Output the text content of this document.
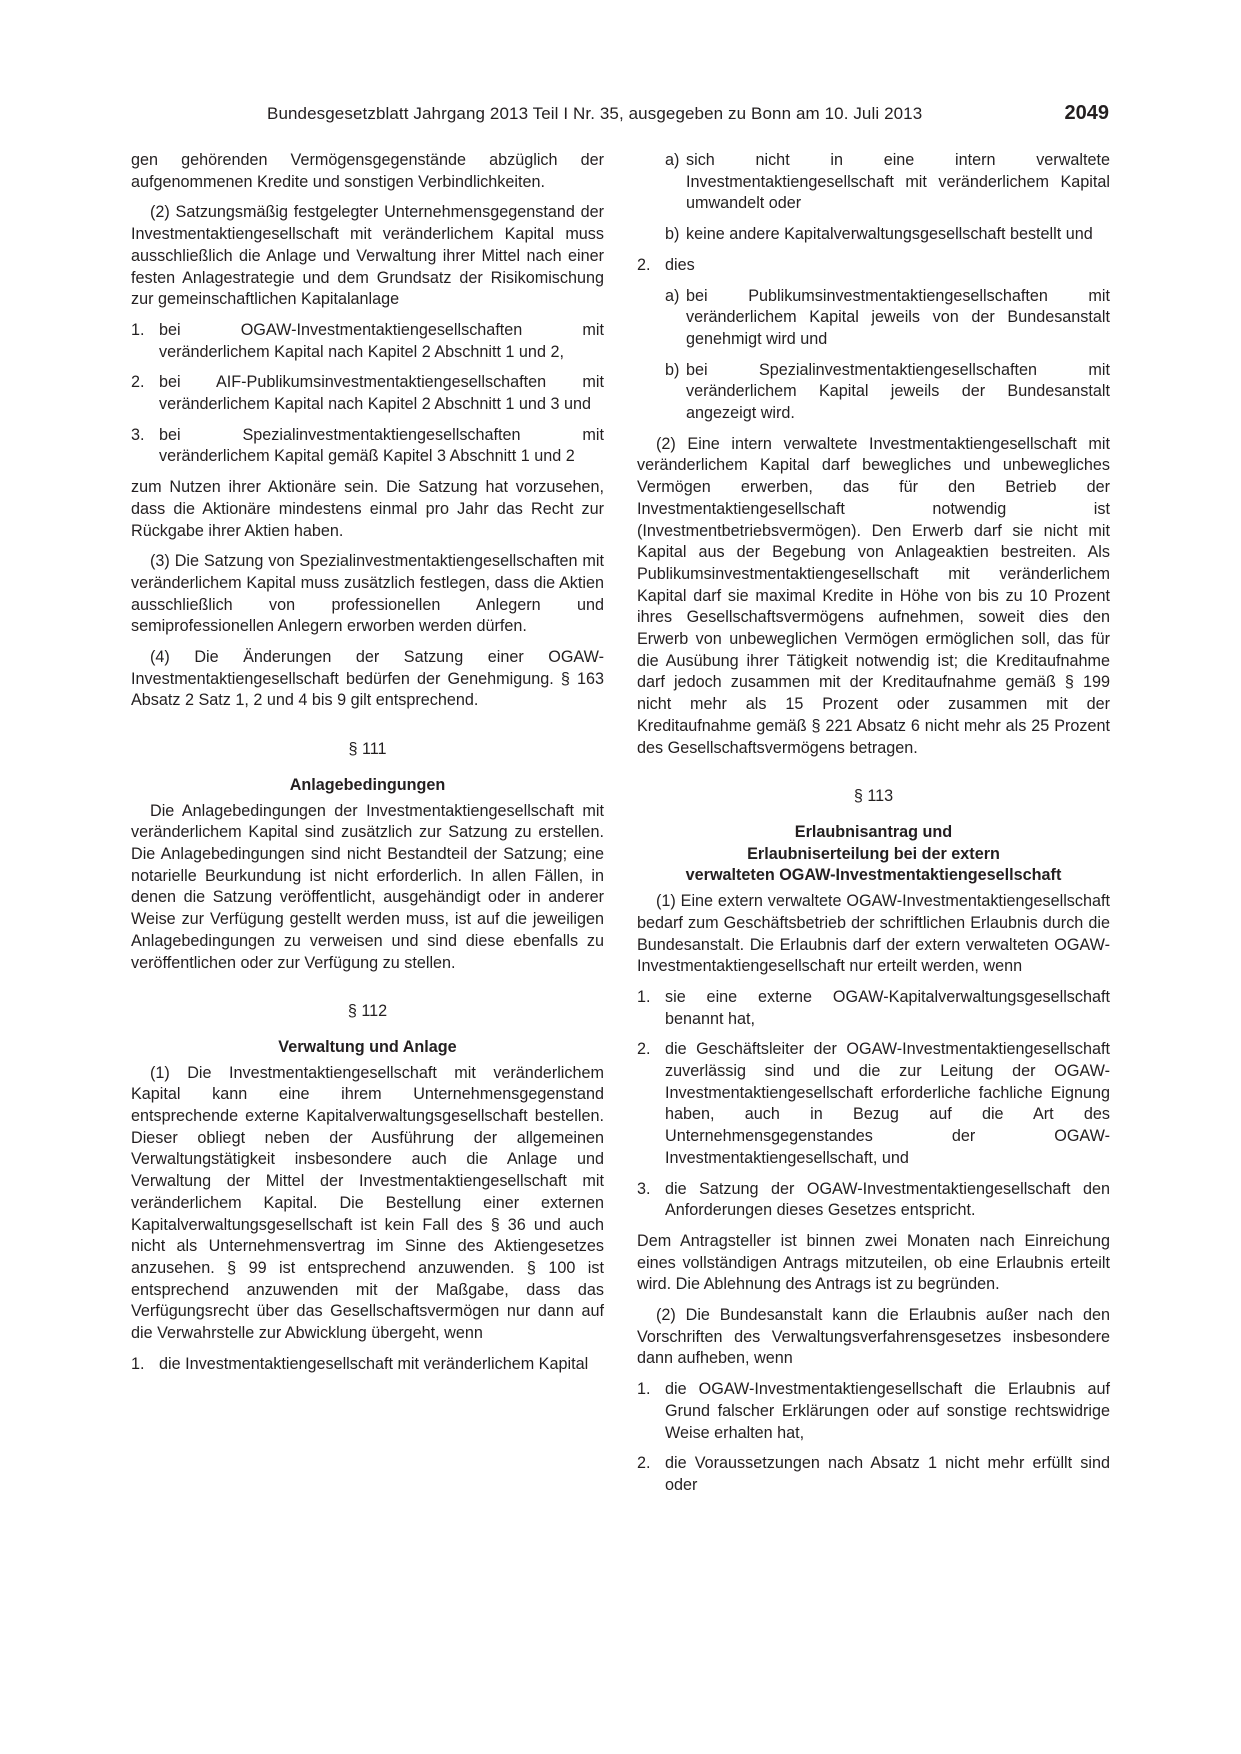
Bundesgesetzblatt Jahrgang 2013 Teil I Nr. 35, ausgegeben zu Bonn am 10. Juli 2013	2049

gen gehörenden Vermögensgegenstände abzüglich der aufgenommenen Kredite und sonstigen Verbindlichkeiten.

(2) Satzungsmäßig festgelegter Unternehmensgegenstand der Investmentaktiengesellschaft mit veränderlichem Kapital muss ausschließlich die Anlage und Verwaltung ihrer Mittel nach einer festen Anlagestrategie und dem Grundsatz der Risikomischung zur gemeinschaftlichen Kapitalanlage

1. bei OGAW-Investmentaktiengesellschaften mit veränderlichem Kapital nach Kapitel 2 Abschnitt 1 und 2,
2. bei AIF-Publikumsinvestmentaktiengesellschaften mit veränderlichem Kapital nach Kapitel 2 Abschnitt 1 und 3 und
3. bei Spezialinvestmentaktiengesellschaften mit veränderlichem Kapital gemäß Kapitel 3 Abschnitt 1 und 2

zum Nutzen ihrer Aktionäre sein. Die Satzung hat vorzusehen, dass die Aktionäre mindestens einmal pro Jahr das Recht zur Rückgabe ihrer Aktien haben.

(3) Die Satzung von Spezialinvestmentaktiengesellschaften mit veränderlichem Kapital muss zusätzlich festlegen, dass die Aktien ausschließlich von professionellen Anlegern und semiprofessionellen Anlegern erworben werden dürfen.

(4) Die Änderungen der Satzung einer OGAW-Investmentaktiengesellschaft bedürfen der Genehmigung. § 163 Absatz 2 Satz 1, 2 und 4 bis 9 gilt entsprechend.

§ 111
Anlagebedingungen

Die Anlagebedingungen der Investmentaktiengesellschaft mit veränderlichem Kapital sind zusätzlich zur Satzung zu erstellen. Die Anlagebedingungen sind nicht Bestandteil der Satzung; eine notarielle Beurkundung ist nicht erforderlich. In allen Fällen, in denen die Satzung veröffentlicht, ausgehändigt oder in anderer Weise zur Verfügung gestellt werden muss, ist auf die jeweiligen Anlagebedingungen zu verweisen und sind diese ebenfalls zu veröffentlichen oder zur Verfügung zu stellen.

§ 112
Verwaltung und Anlage

(1) Die Investmentaktiengesellschaft mit veränderlichem Kapital kann eine ihrem Unternehmensgegenstand entsprechende externe Kapitalverwaltungsgesellschaft bestellen. Dieser obliegt neben der Ausführung der allgemeinen Verwaltungstätigkeit insbesondere auch die Anlage und Verwaltung der Mittel der Investmentaktiengesellschaft mit veränderlichem Kapital. Die Bestellung einer externen Kapitalverwaltungsgesellschaft ist kein Fall des § 36 und auch nicht als Unternehmensvertrag im Sinne des Aktiengesetzes anzusehen. § 99 ist entsprechend anzuwenden. § 100 ist entsprechend anzuwenden mit der Maßgabe, dass das Verfügungsrecht über das Gesellschaftsvermögen nur dann auf die Verwahrstelle zur Abwicklung übergeht, wenn

1. die Investmentaktiengesellschaft mit veränderlichem Kapital
a) sich nicht in eine intern verwaltete Investmentaktiengesellschaft mit veränderlichem Kapital umwandelt oder
b) keine andere Kapitalverwaltungsgesellschaft bestellt und
2. dies
a) bei Publikumsinvestmentaktiengesellschaften mit veränderlichem Kapital jeweils von der Bundesanstalt genehmigt wird und
b) bei Spezialinvestmentaktiengesellschaften mit veränderlichem Kapital jeweils der Bundesanstalt angezeigt wird.

(2) Eine intern verwaltete Investmentaktiengesellschaft mit veränderlichem Kapital darf bewegliches und unbewegliches Vermögen erwerben, das für den Betrieb der Investmentaktiengesellschaft notwendig ist (Investmentbetriebsvermögen). Den Erwerb darf sie nicht mit Kapital aus der Begebung von Anlageaktien bestreiten. Als Publikumsinvestmentaktiengesellschaft mit veränderlichem Kapital darf sie maximal Kredite in Höhe von bis zu 10 Prozent ihres Gesellschaftsvermögens aufnehmen, soweit dies den Erwerb von unbeweglichen Vermögen ermöglichen soll, das für die Ausübung ihrer Tätigkeit notwendig ist; die Kreditaufnahme darf jedoch zusammen mit der Kreditaufnahme gemäß § 199 nicht mehr als 15 Prozent oder zusammen mit der Kreditaufnahme gemäß § 221 Absatz 6 nicht mehr als 25 Prozent des Gesellschaftsvermögens betragen.

§ 113
Erlaubnisantrag und
Erlaubniserteilung bei der extern
verwalteten OGAW-Investmentaktiengesellschaft

(1) Eine extern verwaltete OGAW-Investmentaktiengesellschaft bedarf zum Geschäftsbetrieb der schriftlichen Erlaubnis durch die Bundesanstalt. Die Erlaubnis darf der extern verwalteten OGAW-Investmentaktiengesellschaft nur erteilt werden, wenn

1. sie eine externe OGAW-Kapitalverwaltungsgesellschaft benannt hat,
2. die Geschäftsleiter der OGAW-Investmentaktiengesellschaft zuverlässig sind und die zur Leitung der OGAW-Investmentaktiengesellschaft erforderliche fachliche Eignung haben, auch in Bezug auf die Art des Unternehmensgegenstandes der OGAW-Investmentaktiengesellschaft, und
3. die Satzung der OGAW-Investmentaktiengesellschaft den Anforderungen dieses Gesetzes entspricht.

Dem Antragsteller ist binnen zwei Monaten nach Einreichung eines vollständigen Antrags mitzuteilen, ob eine Erlaubnis erteilt wird. Die Ablehnung des Antrags ist zu begründen.

(2) Die Bundesanstalt kann die Erlaubnis außer nach den Vorschriften des Verwaltungsverfahrensgesetzes insbesondere dann aufheben, wenn

1. die OGAW-Investmentaktiengesellschaft die Erlaubnis auf Grund falscher Erklärungen oder auf sonstige rechtswidrige Weise erhalten hat,
2. die Voraussetzungen nach Absatz 1 nicht mehr erfüllt sind oder
